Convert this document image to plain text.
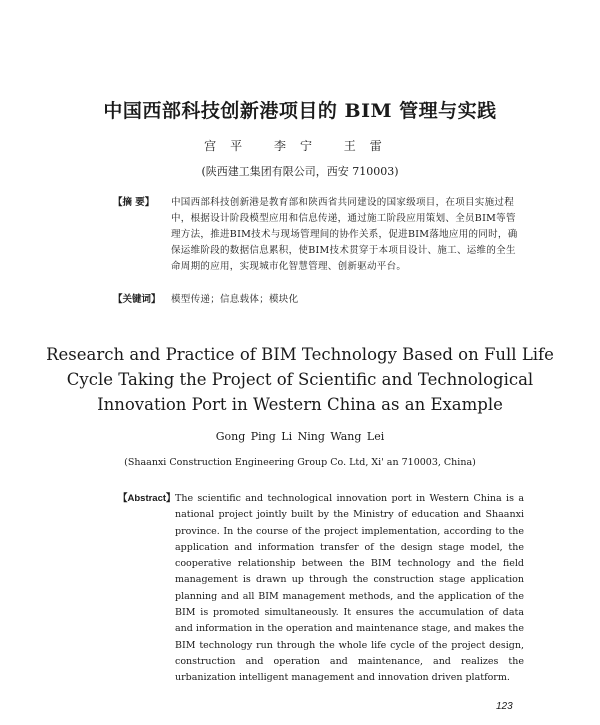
中国西部科技创新港项目的 BIM 管理与实践
宫平 李宁 王雷
(陕西建工集团有限公司，西安 710003)
【摘 要】 中国西部科技创新港是教育部和陕西省共同建设的国家级项目，在项目实施过程中，根据设计阶段模型应用和信息传递，通过施工阶段应用策划、全员BIM等管理方法，推进BIM技术与现场管理间的协作关系，促进BIM落地应用的同时，确保运维阶段的数据信息累积，使BIM技术贯穿于本项目设计、施工、运维的全生命周期的应用，实现城市化智慧管理、创新驱动平台。
【关键词】 模型传递；信息载体；模块化
Research and Practice of BIM Technology Based on Full Life
Cycle Taking the Project of Scientific and Technological
Innovation Port in Western China as an Example
Gong Ping Li Ning Wang Lei
(Shaanxi Construction Engineering Group Co. Ltd, Xi' an 710003, China)
【Abstract】 The scientific and technological innovation port in Western China is a national project jointly built by the Ministry of education and Shaanxi province. In the course of the project implementation, according to the application and information transfer of the design stage model, the cooperative relationship between the BIM technology and the field management is drawn up through the construction stage application planning and all BIM management methods, and the application of the BIM is promoted simultaneously. It ensures the accumulation of data and information in the operation and maintenance stage, and makes the BIM technology run through the whole life cycle of the project design, construction and operation and maintenance, and realizes the urbanization intelligent management and innovation driven platform.
123
